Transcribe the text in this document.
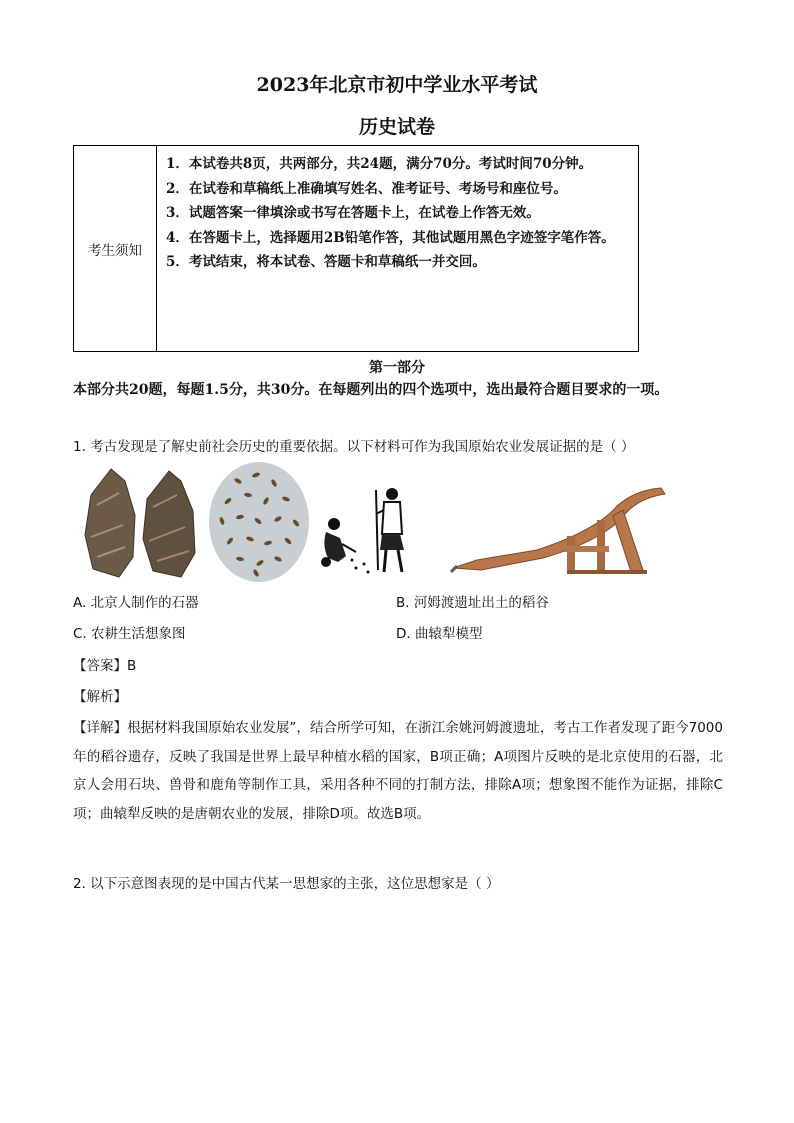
2023年北京市初中学业水平考试
历史试卷
考生须知
1．本试卷共8页，共两部分，共24题，满分70分。考试时间70分钟。
2．在试卷和草稿纸上准确填写姓名、准考证号、考场号和座位号。
3．试题答案一律填涂或书写在答题卡上，在试卷上作答无效。
4．在答题卡上，选择题用2B铅笔作答，其他试题用黑色字迹签字笔作答。
5．考试结束，将本试卷、答题卡和草稿纸一并交回。
第一部分
本部分共20题，每题1.5分，共30分。在每题列出的四个选项中，选出最符合题目要求的一项。
1. 考古发现是了解史前社会历史的重要依据。以下材料可作为我国原始农业发展证据的是（ ）
A. 北京人制作的石器	B. 河姆渡遗址出土的稻谷
C. 农耕生活想象图	D. 曲辕犁模型
【答案】B
【解析】
【详解】根据材料我国原始农业发展”，结合所学可知，在浙江余姚河姆渡遗址，考古工作者发现了距今7000年的稻谷遗存，反映了我国是世界上最早种植水稻的国家，B项正确；A项图片反映的是北京使用的石器，北京人会用石块、兽骨和鹿角等制作工具，采用各种不同的打制方法，排除A项；想象图不能作为证据，排除C项；曲辕犁反映的是唐朝农业的发展，排除D项。故选B项。
2. 以下示意图表现的是中国古代某一思想家的主张，这位思想家是（ ）
